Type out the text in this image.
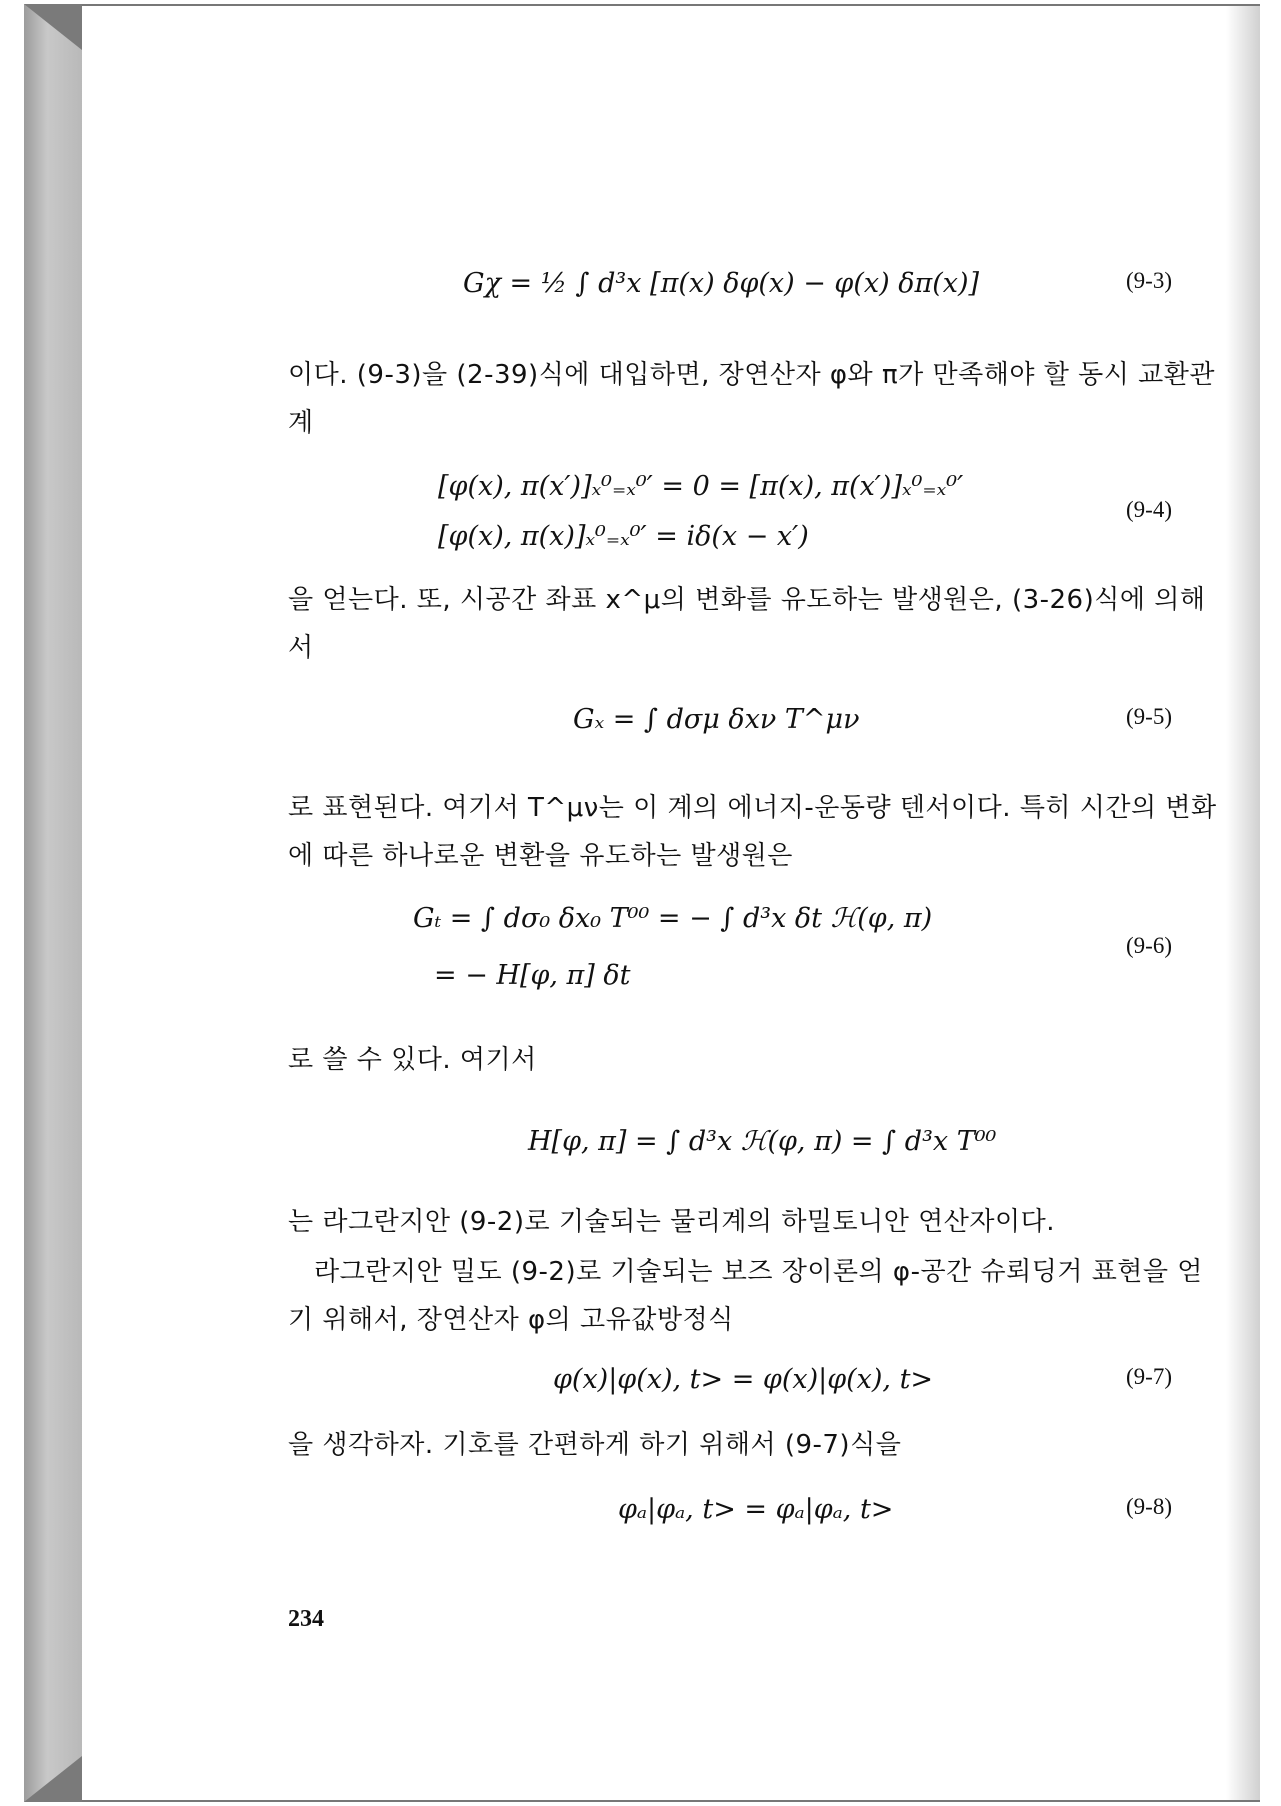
Gχ = ½ ∫ d³x [π(x) δφ(x) − φ(x) δπ(x)]	(9-3)

이다. (9-3)을 (2-39)식에 대입하면, 장연산자 φ와 π가 만족해야 할 동시 교환관계

[φ(x), π(x′)]ₓ⁰₌ₓ⁰′ = 0 = [π(x), π(x′)]ₓ⁰₌ₓ⁰′
[φ(x), π(x)]ₓ⁰₌ₓ⁰′ = iδ(x − x′)
(9-4)

을 얻는다. 또, 시공간 좌표 x^μ의 변화를 유도하는 발생원은, (3-26)식에 의해서

Gₓ = ∫ dσμ δxν T^μν	(9-5)

로 표현된다. 여기서 T^μν는 이 계의 에너지-운동량 텐서이다. 특히 시간의 변화에 따른 하나로운 변환을 유도하는 발생원은

Gₜ = ∫ dσ₀ δx₀ T⁰⁰ = − ∫ d³x δt ℋ(φ, π)
= − H[φ, π] δt
(9-6)

로 쓸 수 있다. 여기서

H[φ, π] = ∫ d³x ℋ(φ, π) = ∫ d³x T⁰⁰

는 라그란지안 (9-2)로 기술되는 물리계의 하밀토니안 연산자이다.

라그란지안 밀도 (9-2)로 기술되는 보즈 장이론의 φ-공간 슈뢰딩거 표현을 얻기 위해서, 장연산자 φ의 고유값방정식

φ(x)|φ(x), t> = φ(x)|φ(x), t>	(9-7)

을 생각하자. 기호를 간편하게 하기 위해서 (9-7)식을

φₐ|φₐ, t> = φₐ|φₐ, t>	(9-8)
234
